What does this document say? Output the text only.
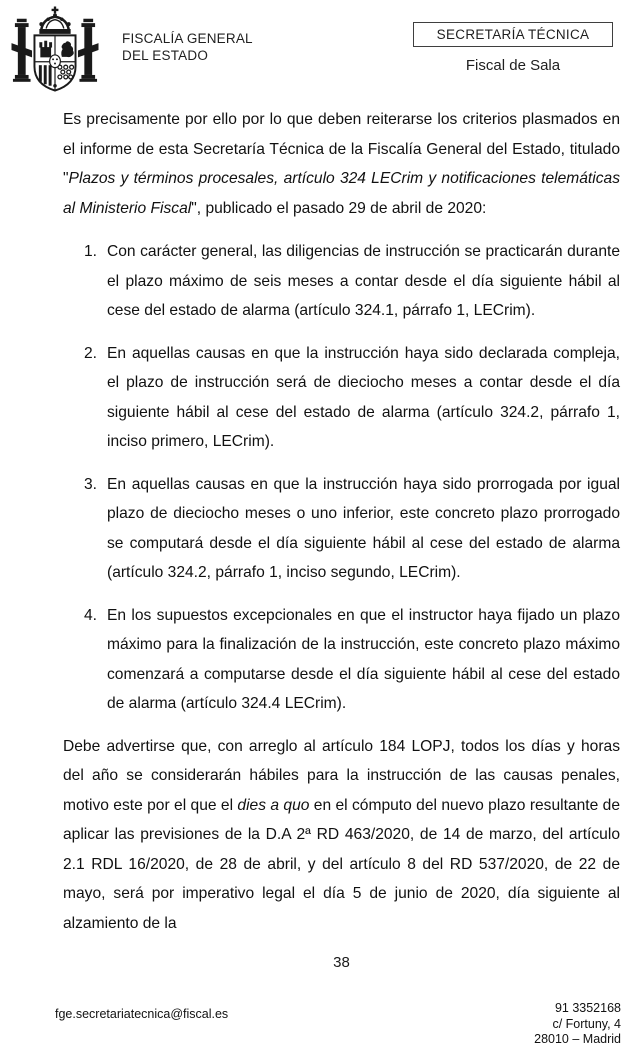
FISCALÍA GENERAL
DEL ESTADO
SECRETARÍA TÉCNICA
Fiscal de Sala

Es precisamente por ello por lo que deben reiterarse los criterios plasmados en el informe de esta Secretaría Técnica de la Fiscalía General del Estado, titulado "Plazos y términos procesales, artículo 324 LECrim y notificaciones telemáticas al Ministerio Fiscal", publicado el pasado 29 de abril de 2020:

1. Con carácter general, las diligencias de instrucción se practicarán durante el plazo máximo de seis meses a contar desde el día siguiente hábil al cese del estado de alarma (artículo 324.1, párrafo 1, LECrim).
2. En aquellas causas en que la instrucción haya sido declarada compleja, el plazo de instrucción será de dieciocho meses a contar desde el día siguiente hábil al cese del estado de alarma (artículo 324.2, párrafo 1, inciso primero, LECrim).
3. En aquellas causas en que la instrucción haya sido prorrogada por igual plazo de dieciocho meses o uno inferior, este concreto plazo prorrogado se computará desde el día siguiente hábil al cese del estado de alarma (artículo 324.2, párrafo 1, inciso segundo, LECrim).
4. En los supuestos excepcionales en que el instructor haya fijado un plazo máximo para la finalización de la instrucción, este concreto plazo máximo comenzará a computarse desde el día siguiente hábil al cese del estado de alarma (artículo 324.4 LECrim).

Debe advertirse que, con arreglo al artículo 184 LOPJ, todos los días y horas del año se considerarán hábiles para la instrucción de las causas penales, motivo este por el que el dies a quo en el cómputo del nuevo plazo resultante de aplicar las previsiones de la D.A 2ª RD 463/2020, de 14 de marzo, del artículo 2.1 RDL 16/2020, de 28 de abril, y del artículo 8 del RD 537/2020, de 22 de mayo, será por imperativo legal el día 5 de junio de 2020, día siguiente al alzamiento de la

38
fge.secretariatecnica@fiscal.es	91 3352168
c/ Fortuny, 4
28010 – Madrid
